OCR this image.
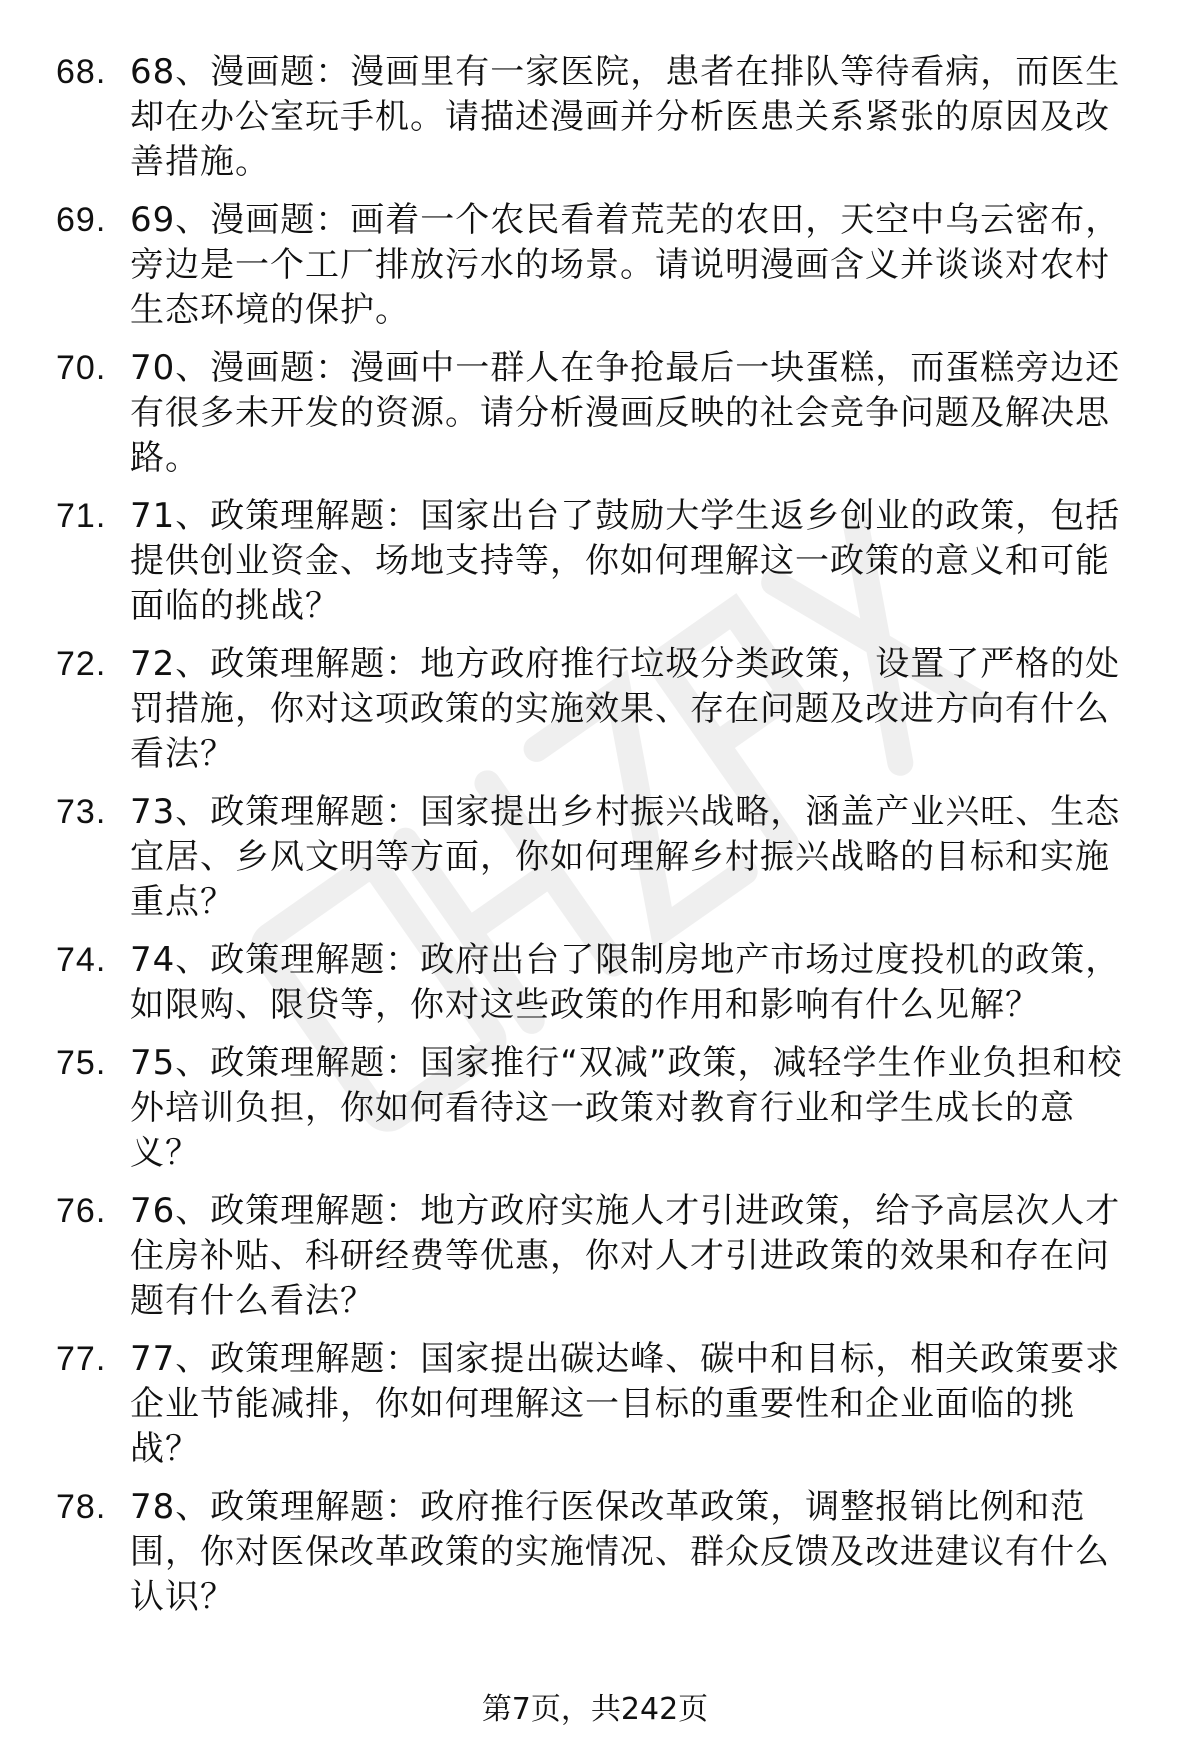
68. 68、漫画题：漫画里有一家医院，患者在排队等待看病，而医生却在办公室玩手机。请描述漫画并分析医患关系紧张的原因及改善措施。
69. 69、漫画题：画着一个农民看着荒芜的农田，天空中乌云密布，旁边是一个工厂排放污水的场景。请说明漫画含义并谈谈对农村生态环境的保护。
70. 70、漫画题：漫画中一群人在争抢最后一块蛋糕，而蛋糕旁边还有很多未开发的资源。请分析漫画反映的社会竞争问题及解决思路。
71. 71、政策理解题：国家出台了鼓励大学生返乡创业的政策，包括提供创业资金、场地支持等，你如何理解这一政策的意义和可能面临的挑战？
72. 72、政策理解题：地方政府推行垃圾分类政策，设置了严格的处罚措施，你对这项政策的实施效果、存在问题及改进方向有什么看法？
73. 73、政策理解题：国家提出乡村振兴战略，涵盖产业兴旺、生态宜居、乡风文明等方面，你如何理解乡村振兴战略的目标和实施重点？
74. 74、政策理解题：政府出台了限制房地产市场过度投机的政策，如限购、限贷等，你对这些政策的作用和影响有什么见解？
75. 75、政策理解题：国家推行“双减”政策，减轻学生作业负担和校外培训负担，你如何看待这一政策对教育行业和学生成长的意义？
76. 76、政策理解题：地方政府实施人才引进政策，给予高层次人才住房补贴、科研经费等优惠，你对人才引进政策的效果和存在问题有什么看法？
77. 77、政策理解题：国家提出碳达峰、碳中和目标，相关政策要求企业节能减排，你如何理解这一目标的重要性和企业面临的挑战？
78. 78、政策理解题：政府推行医保改革政策，调整报销比例和范围，你对医保改革政策的实施情况、群众反馈及改进建议有什么认识？
第7页，共242页
